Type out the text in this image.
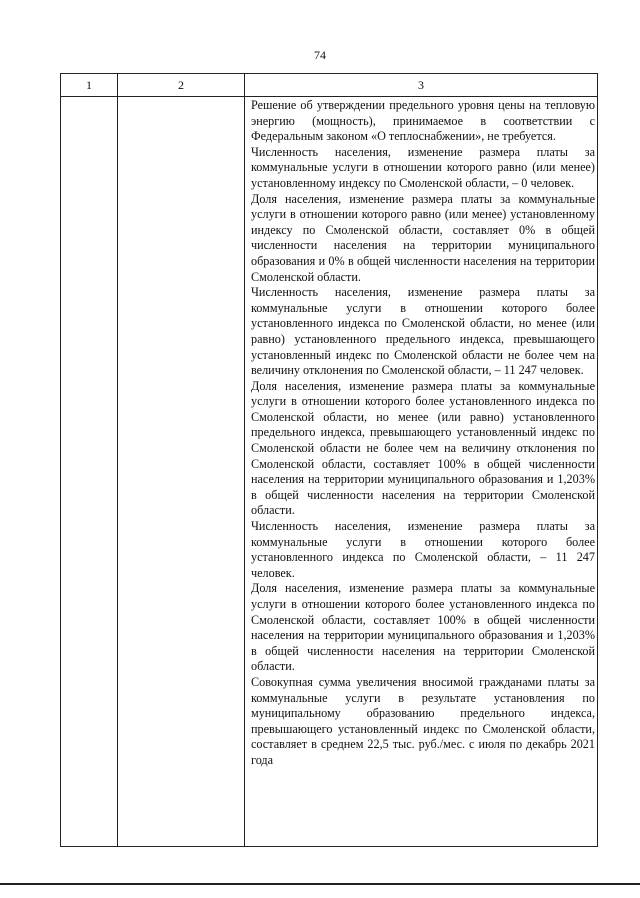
74
1	2	3

Решение об утверждении предельного уровня цены на тепловую энергию (мощность), принимаемое в соответствии с Федеральным законом «О теплоснабжении», не требуется.

Численность населения, изменение размера платы за коммунальные услуги в отношении которого равно (или менее) установленному индексу по Смоленской области, – 0 человек.

Доля населения, изменение размера платы за коммунальные услуги в отношении которого равно (или менее) установленному индексу по Смоленской области, составляет 0% в общей численности населения на территории муниципального образования и 0% в общей численности населения на территории Смоленской области.

Численность населения, изменение размера платы за коммунальные услуги в отношении которого более установленного индекса по Смоленской области, но менее (или равно) установленного предельного индекса, превышающего установленный индекс по Смоленской области не более чем на величину отклонения по Смоленской области, – 11 247 человек.

Доля населения, изменение размера платы за коммунальные услуги в отношении которого более установленного индекса по Смоленской области, но менее (или равно) установленного предельного индекса, превышающего установленный индекс по Смоленской области не более чем на величину отклонения по Смоленской области, составляет 100% в общей численности населения на территории муниципального образования и 1,203% в общей численности населения на территории Смоленской области.

Численность населения, изменение размера платы за коммунальные услуги в отношении которого более установленного индекса по Смоленской области, – 11 247 человек.

Доля населения, изменение размера платы за коммунальные услуги в отношении которого более установленного индекса по Смоленской области, составляет 100% в общей численности населения на территории муниципального образования и 1,203% в общей численности населения на территории Смоленской области.

Совокупная сумма увеличения вносимой гражданами платы за коммунальные услуги в результате установления по муниципальному образованию предельного индекса, превышающего установленный индекс по Смоленской области, составляет в среднем 22,5 тыс. руб./мес. с июля по декабрь 2021 года
